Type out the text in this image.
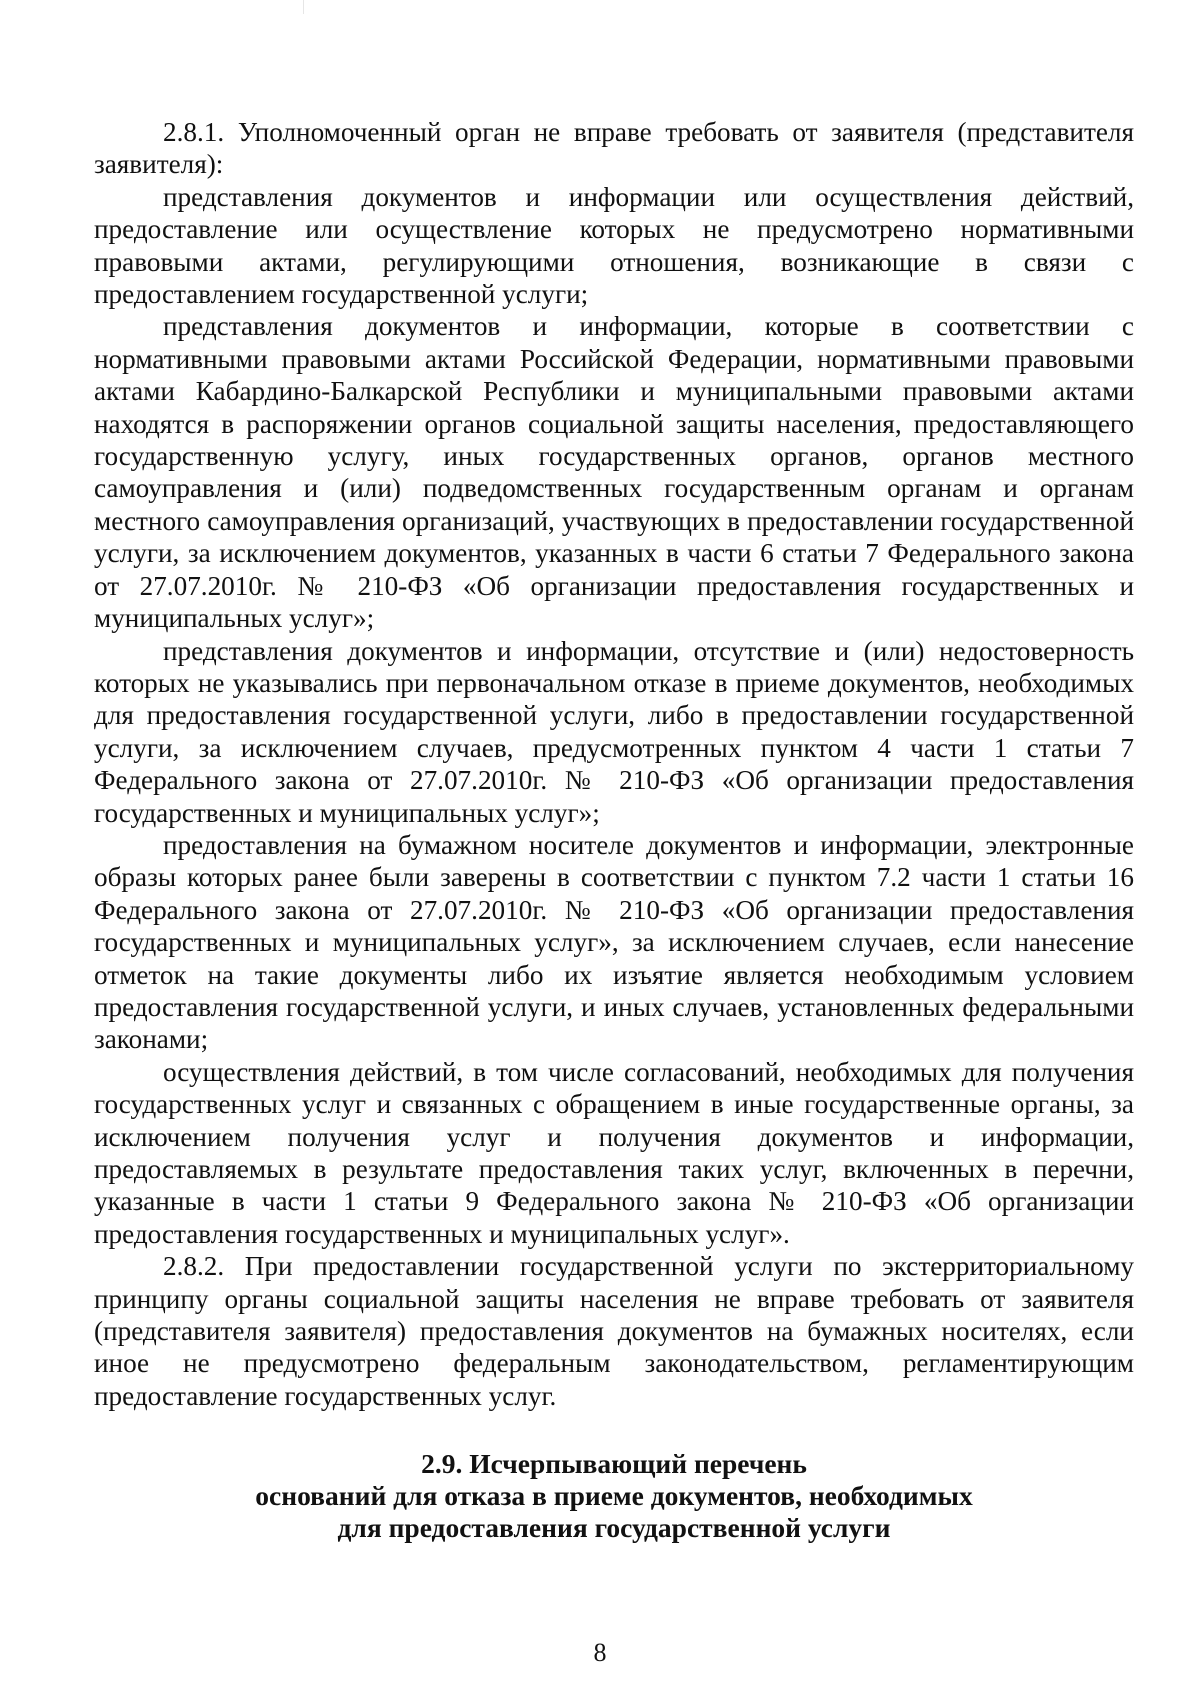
2.8.1. Уполномоченный орган не вправе требовать от заявителя (представителя заявителя):

представления документов и информации или осуществления действий, предоставление или осуществление которых не предусмотрено нормативными правовыми актами, регулирующими отношения, возникающие в связи с предоставлением государственной услуги;

представления документов и информации, которые в соответствии с нормативными правовыми актами Российской Федерации, нормативными правовыми актами Кабардино-Балкарской Республики и муниципальными правовыми актами находятся в распоряжении органов социальной защиты населения, предоставляющего государственную услугу, иных государственных органов, органов местного самоуправления и (или) подведомственных государственным органам и органам местного самоуправления организаций, участвующих в предоставлении государственной услуги, за исключением документов, указанных в части 6 статьи 7 Федерального закона от 27.07.2010г. № 210-ФЗ «Об организации предоставления государственных и муниципальных услуг»;

представления документов и информации, отсутствие и (или) недостоверность которых не указывались при первоначальном отказе в приеме документов, необходимых для предоставления государственной услуги, либо в предоставлении государственной услуги, за исключением случаев, предусмотренных пунктом 4 части 1 статьи 7 Федерального закона от 27.07.2010г. № 210-ФЗ «Об организации предоставления государственных и муниципальных услуг»;

предоставления на бумажном носителе документов и информации, электронные образы которых ранее были заверены в соответствии с пунктом 7.2 части 1 статьи 16 Федерального закона от 27.07.2010г. № 210-ФЗ «Об организации предоставления государственных и муниципальных услуг», за исключением случаев, если нанесение отметок на такие документы либо их изъятие является необходимым условием предоставления государственной услуги, и иных случаев, установленных федеральными законами;

осуществления действий, в том числе согласований, необходимых для получения государственных услуг и связанных с обращением в иные государственные органы, за исключением получения услуг и получения документов и информации, предоставляемых в результате предоставления таких услуг, включенных в перечни, указанные в части 1 статьи 9 Федерального закона № 210-ФЗ «Об организации предоставления государственных и муниципальных услуг».

2.8.2. При предоставлении государственной услуги по экстерриториальному принципу органы социальной защиты населения не вправе требовать от заявителя (представителя заявителя) предоставления документов на бумажных носителях, если иное не предусмотрено федеральным законодательством, регламентирующим предоставление государственных услуг.

2.9. Исчерпывающий перечень
оснований для отказа в приеме документов, необходимых
для предоставления государственной услуги
8
